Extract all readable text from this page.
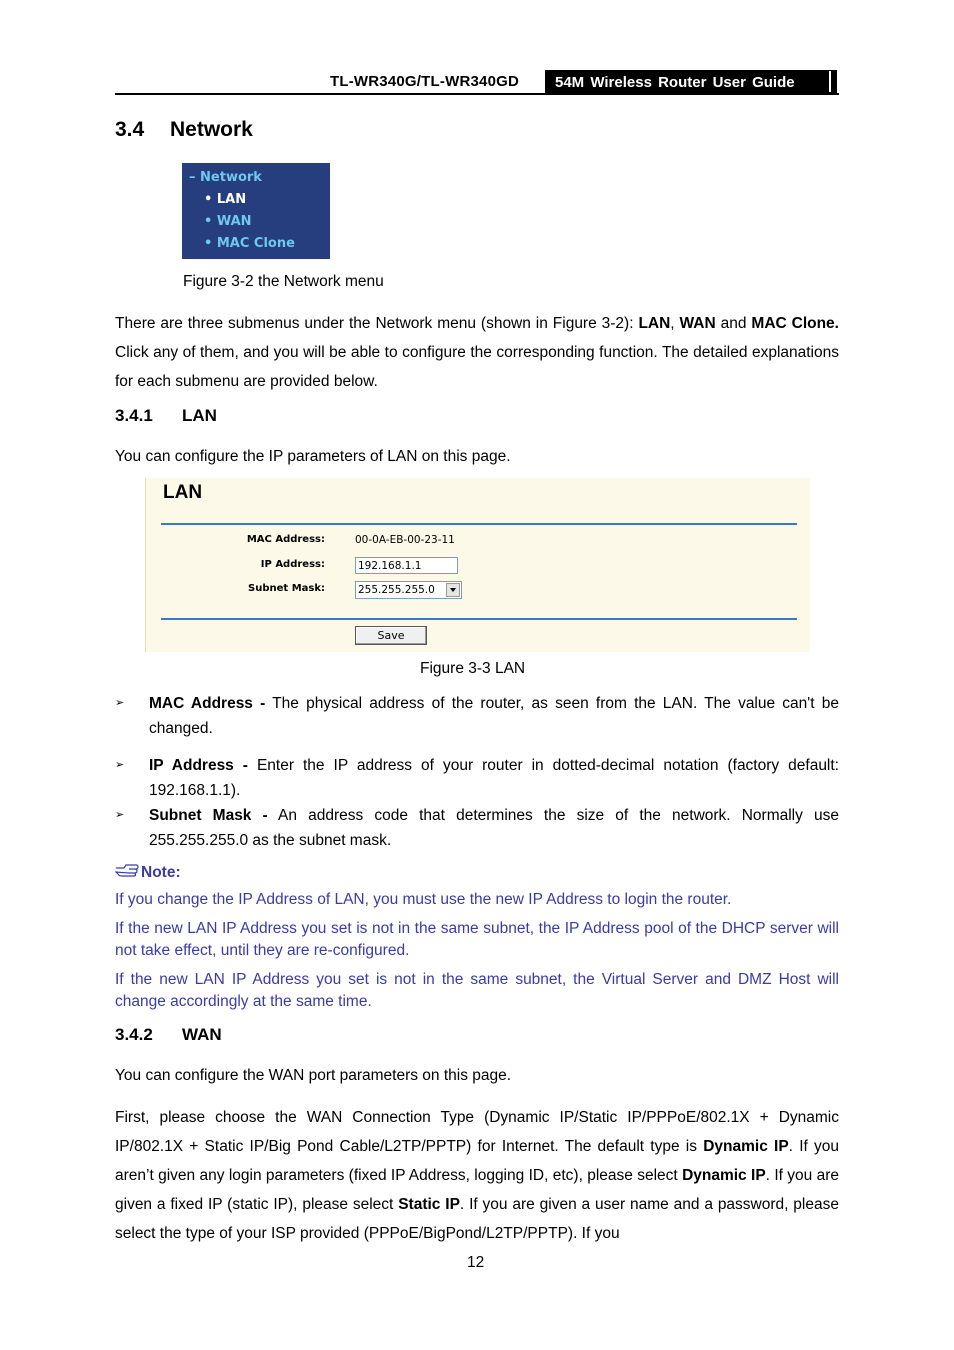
TL-WR340G/TL-WR340GD	54M Wireless Router User Guide
3.4 Network
– Network
• LAN
• WAN
• MAC Clone
Figure 3-2 the Network menu
There are three submenus under the Network menu (shown in Figure 3-2): LAN, WAN and MAC Clone. Click any of them, and you will be able to configure the corresponding function. The detailed explanations for each submenu are provided below.
3.4.1 LAN
You can configure the IP parameters of LAN on this page.
LAN
MAC Address:	00-0A-EB-00-23-11
IP Address:	192.168.1.1
Subnet Mask:	255.255.255.0
Save
Figure 3-3 LAN
➢ MAC Address - The physical address of the router, as seen from the LAN. The value can't be changed.
➢ IP Address - Enter the IP address of your router in dotted-decimal notation (factory default: 192.168.1.1).
➢ Subnet Mask - An address code that determines the size of the network. Normally use 255.255.255.0 as the subnet mask.
Note:
If you change the IP Address of LAN, you must use the new IP Address to login the router.
If the new LAN IP Address you set is not in the same subnet, the IP Address pool of the DHCP server will not take effect, until they are re-configured.
If the new LAN IP Address you set is not in the same subnet, the Virtual Server and DMZ Host will change accordingly at the same time.
3.4.2 WAN
You can configure the WAN port parameters on this page.
First, please choose the WAN Connection Type (Dynamic IP/Static IP/PPPoE/802.1X + Dynamic IP/802.1X + Static IP/Big Pond Cable/L2TP/PPTP) for Internet. The default type is Dynamic IP. If you aren’t given any login parameters (fixed IP Address, logging ID, etc), please select Dynamic IP. If you are given a fixed IP (static IP), please select Static IP. If you are given a user name and a password, please select the type of your ISP provided (PPPoE/BigPond/L2TP/PPTP). If you
12
